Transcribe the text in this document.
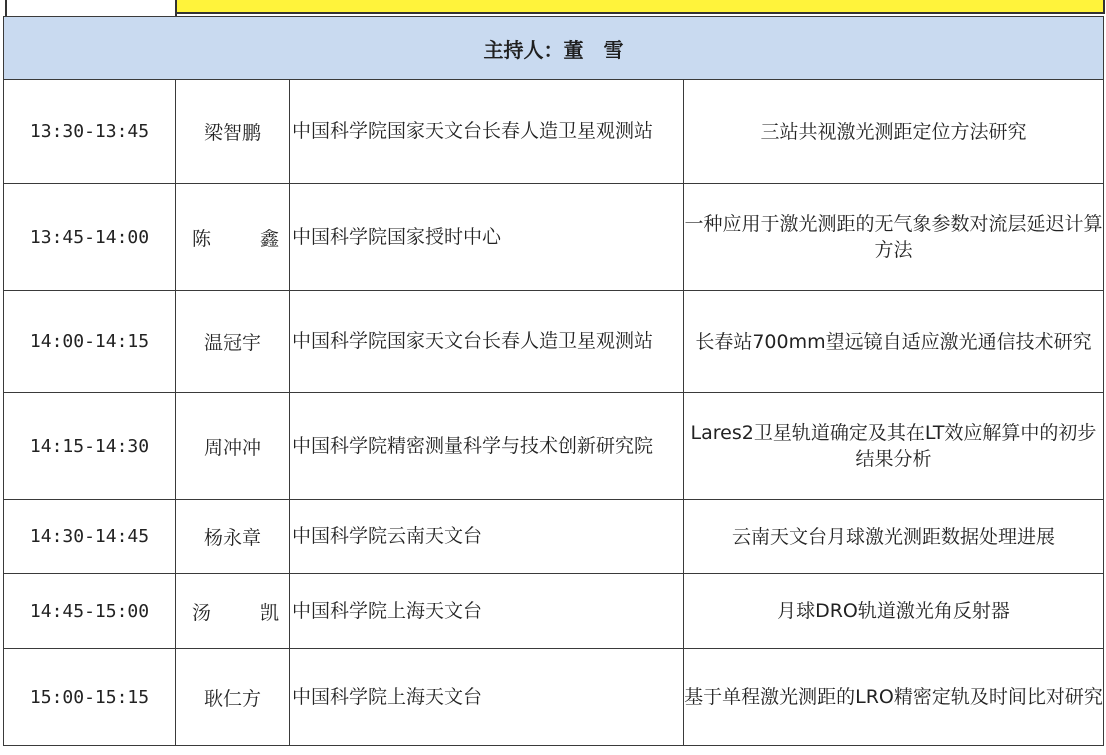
主持人：董　雪			
13:30-13:45	梁智鹏	中国科学院国家天文台长春人造卫星观测站	三站共视激光测距定位方法研究
13:45-14:00	陈 鑫	中国科学院国家授时中心	一种应用于激光测距的无气象参数对流层延迟计算方法
14:00-14:15	温冠宇	中国科学院国家天文台长春人造卫星观测站	长春站700mm望远镜自适应激光通信技术研究
14:15-14:30	周冲冲	中国科学院精密测量科学与技术创新研究院	Lares2卫星轨道确定及其在LT效应解算中的初步结果分析
14:30-14:45	杨永章	中国科学院云南天文台	云南天文台月球激光测距数据处理进展
14:45-15:00	汤 凯	中国科学院上海天文台	月球DRO轨道激光角反射器
15:00-15:15	耿仁方	中国科学院上海天文台	基于单程激光测距的LRO精密定轨及时间比对研究
